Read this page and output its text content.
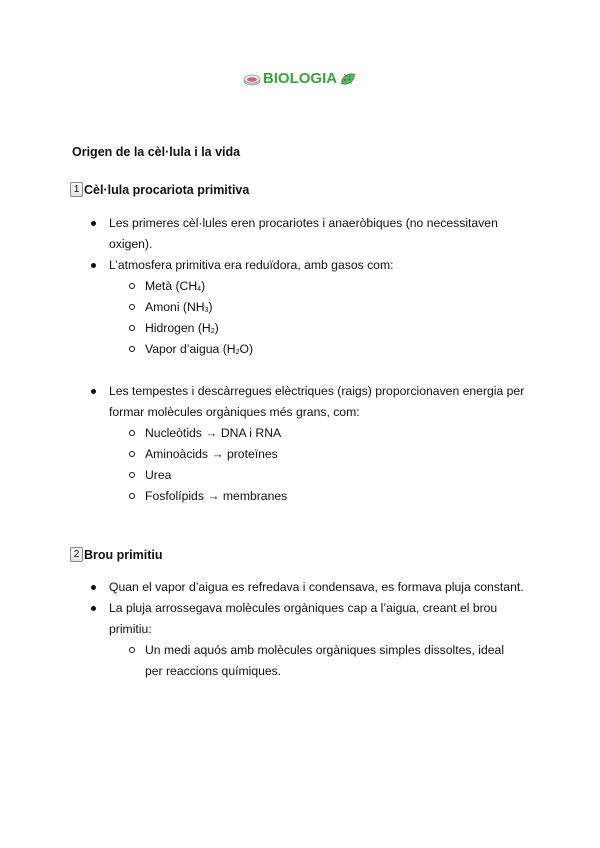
BIOLOGIA
Origen de la cèl·lula i la vida
1 Cèl·lula procariota primitiva
Les primeres cèl·lules eren procariotes i anaeròbiques (no necessitaven oxigen).
L’atmosfera primitiva era reduïdora, amb gasos com:
Metà $(CH_4)$
Amoni $(NH_3)$
Hidrogen $(H_2)$
Vapor d’aigua $(H_2O)$
Les tempestes i descàrregues elèctriques (raigs) proporcionaven energia per formar molècules orgàniques més grans, com:
Nucleòtids → DNA i RNA
Aminoàcids → proteïnes
Urea
Fosfolípids → membranes
2 Brou primitiu
Quan el vapor d’aigua es refredava i condensava, es formava pluja constant.
La pluja arrossegava molècules orgàniques cap a l’aigua, creant el brou primitiu:
Un medi aquós amb molècules orgàniques simples dissoltes, ideal per reaccions químiques.
